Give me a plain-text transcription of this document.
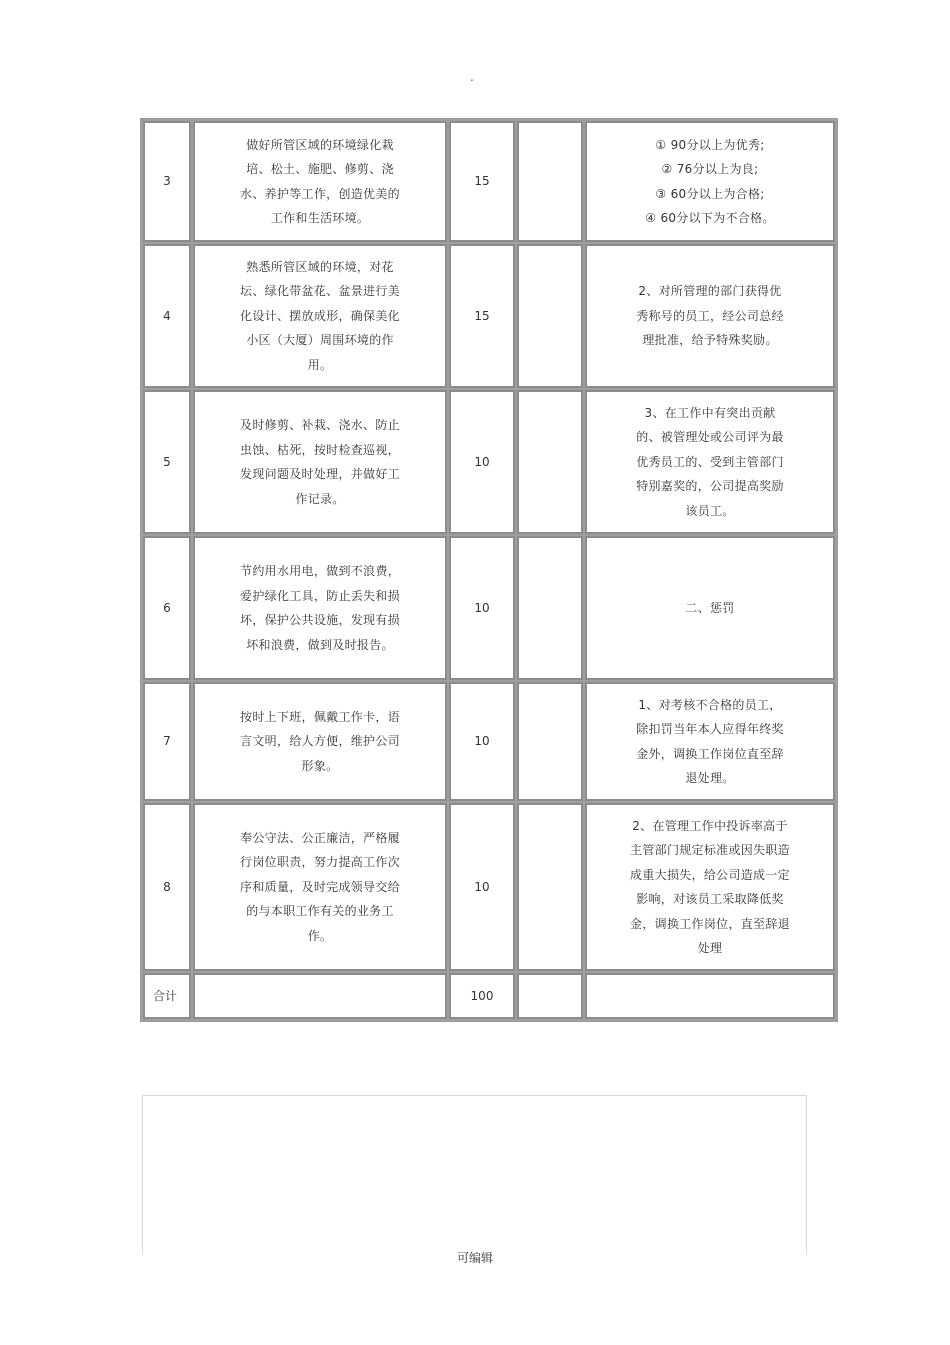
.
3	做好所管区域的环境绿化栽培、松土、施肥、修剪、浇水、养护等工作，创造优美的工作和生活环境。	15		① 90分以上为优秀;
② 76分以上为良;
③ 60分以上为合格;
④ 60分以下为不合格。

4	熟悉所管区域的环境，对花坛、绿化带盆花、盆景进行美化设计、摆放成形，确保美化小区（大厦）周围环境的作用。	15		2、对所管理的部门获得优秀称号的员工，经公司总经理批准，给予特殊奖励。

5	及时修剪、补栽、浇水、防止虫蚀、枯死，按时检查巡视，发现问题及时处理，并做好工作记录。	10		3、在工作中有突出贡献的、被管理处或公司评为最优秀员工的、受到主管部门特别嘉奖的，公司提高奖励该员工。

6	节约用水用电，做到不浪费，爱护绿化工具，防止丢失和损坏，保护公共设施，发现有损坏和浪费，做到及时报告。	10		二、惩罚

7	按时上下班，佩戴工作卡，语言文明，给人方便，维护公司形象。	10		1、对考核不合格的员工，除扣罚当年本人应得年终奖金外，调换工作岗位直至辞退处理。

8	奉公守法、公正廉洁，严格履行岗位职责，努力提高工作次序和质量，及时完成领导交给的与本职工作有关的业务工作。	10		2、在管理工作中投诉率高于主管部门规定标准或因失职造成重大损失，给公司造成一定影响，对该员工采取降低奖金，调换工作岗位，直至辞退处理

合计		100		
可编辑
